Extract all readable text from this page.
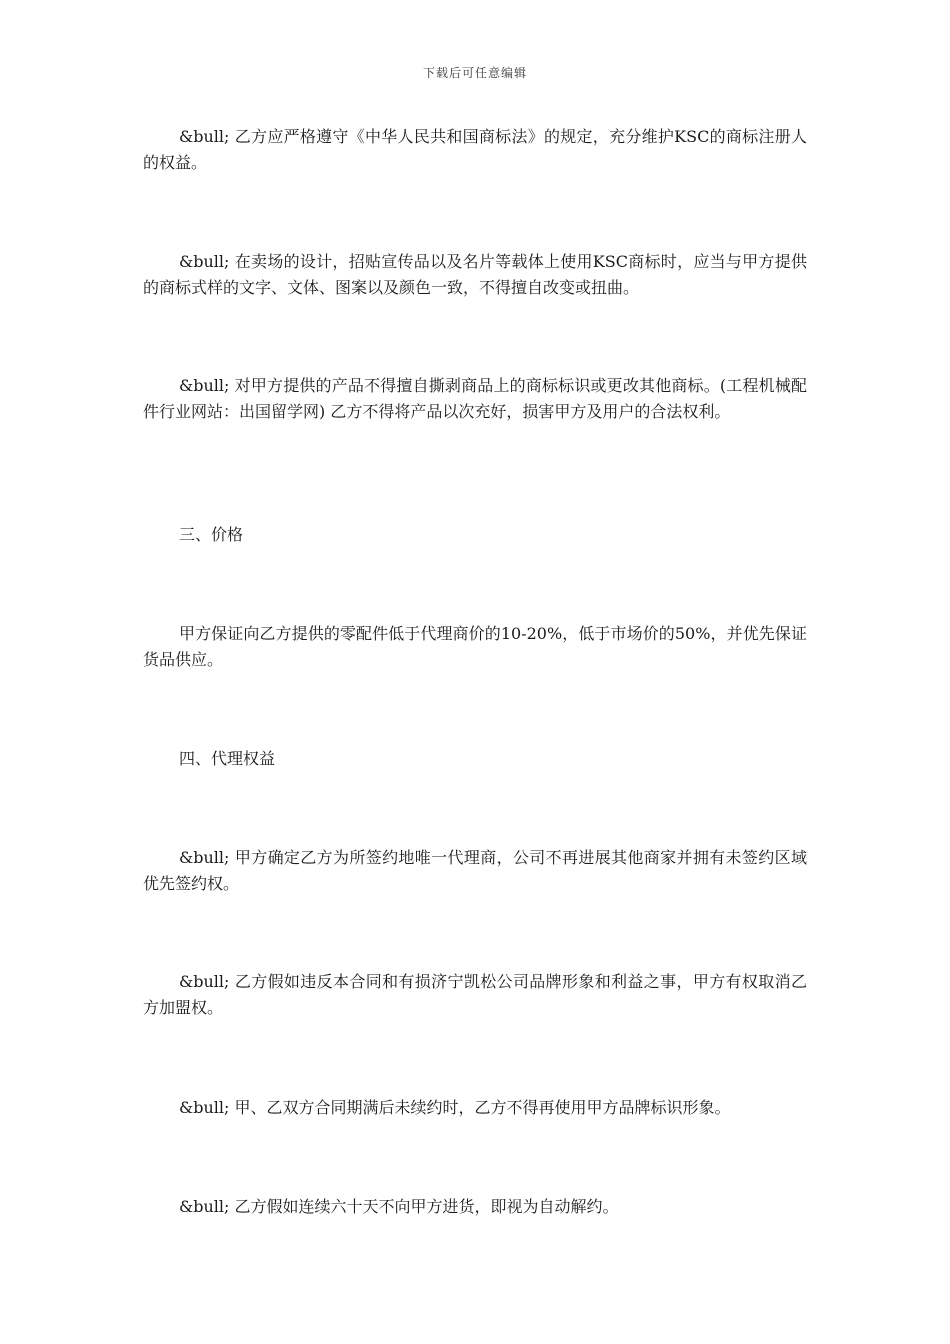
下载后可任意编辑

&bull; 乙方应严格遵守《中华人民共和国商标法》的规定，充分维护KSC的商标注册人的权益。

&bull; 在卖场的设计，招贴宣传品以及名片等载体上使用KSC商标时，应当与甲方提供的商标式样的文字、文体、图案以及颜色一致，不得擅自改变或扭曲。

&bull; 对甲方提供的产品不得擅自撕剥商品上的商标标识或更改其他商标。(工程机械配件行业网站：出国留学网) 乙方不得将产品以次充好，损害甲方及用户的合法权利。

三、价格

甲方保证向乙方提供的零配件低于代理商价的10-20%，低于市场价的50%，并优先保证货品供应。

四、代理权益

&bull; 甲方确定乙方为所签约地唯一代理商，公司不再进展其他商家并拥有未签约区域优先签约权。

&bull; 乙方假如违反本合同和有损济宁凯松公司品牌形象和利益之事，甲方有权取消乙方加盟权。

&bull; 甲、乙双方合同期满后未续约时，乙方不得再使用甲方品牌标识形象。

&bull; 乙方假如连续六十天不向甲方进货，即视为自动解约。
